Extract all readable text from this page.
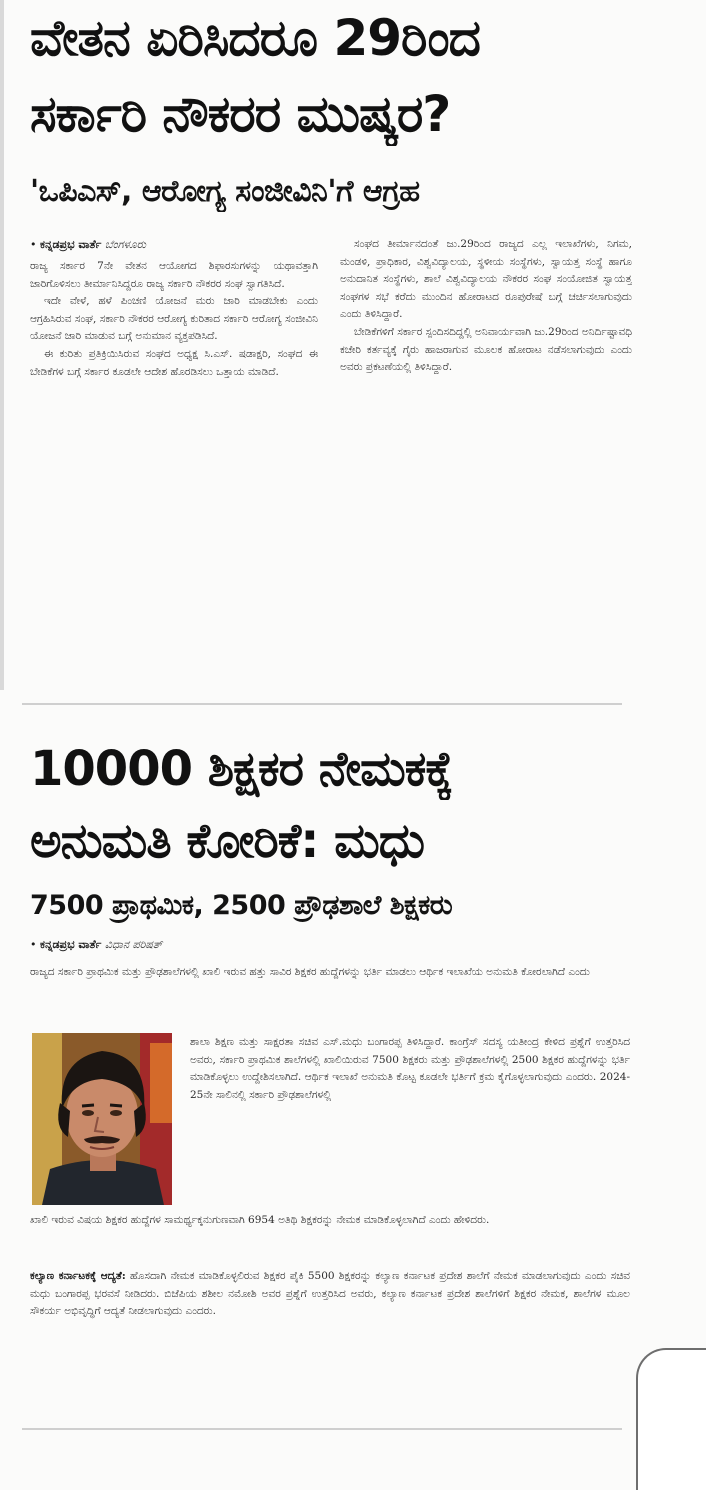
ವೇತನ ಏರಿಸಿದರೂ 29ರಿಂದ
ಸರ್ಕಾರಿ ನೌಕರರ ಮುಷ್ಕರ?
'ಒಪಿಎಸ್, ಆರೋಗ್ಯ ಸಂಜೀವಿನಿ'ಗೆ ಆಗ್ರಹ
• ಕನ್ನಡಪ್ರಭ ವಾರ್ತೆ ಬೆಂಗಳೂರು

ರಾಜ್ಯ ಸರ್ಕಾರ 7ನೇ ವೇತನ ಆಯೋಗದ ಶಿಫಾರಸುಗಳನ್ನು ಯಥಾವತ್ತಾಗಿ ಜಾರಿಗೊಳಿಸಲು ತೀರ್ಮಾನಿಸಿದ್ದರೂ ರಾಜ್ಯ ಸರ್ಕಾರಿ ನೌಕರರ ಸಂಘ ಸ್ವಾಗತಿಸಿದೆ.

ಇದೇ ವೇಳೆ, ಹಳೆ ಪಿಂಚಣಿ ಯೋಜನೆ ಮರು ಜಾರಿ ಮಾಡಬೇಕು ಎಂದು ಆಗ್ರಹಿಸಿರುವ ಸಂಘ, ಸರ್ಕಾರಿ ನೌಕರರ ಆರೋಗ್ಯ ಕುರಿತಾದ ಸರ್ಕಾರಿ ಆರೋಗ್ಯ ಸಂಜೀವಿನಿ ಯೋಜನೆ ಜಾರಿ ಮಾಡುವ ಬಗ್ಗೆ ಅನುಮಾನ ವ್ಯಕ್ತಪಡಿಸಿದೆ.

ಈ ಕುರಿತು ಪ್ರತಿಕ್ರಿಯಿಸಿರುವ ಸಂಘದ ಅಧ್ಯಕ್ಷ ಸಿ.ಎಸ್. ಷಡಾಕ್ಷರಿ, ಸಂಘದ ಈ ಬೇಡಿಕೆಗಳ ಬಗ್ಗೆ ಸರ್ಕಾರ ಕೂಡಲೇ ಆದೇಶ ಹೊರಡಿಸಲು ಒತ್ತಾಯ ಮಾಡಿದೆ.

ಸಂಘದ ತೀರ್ಮಾನದಂತೆ ಜು.29ರಿಂದ ರಾಜ್ಯದ ಎಲ್ಲ ಇಲಾಖೆಗಳು, ನಿಗಮ, ಮಂಡಳಿ, ಪ್ರಾಧಿಕಾರ, ವಿಶ್ವವಿದ್ಯಾಲಯ, ಸ್ಥಳೀಯ ಸಂಸ್ಥೆಗಳು, ಸ್ವಾಯತ್ತ ಸಂಸ್ಥೆ ಹಾಗೂ ಅನುದಾನಿತ ಸಂಸ್ಥೆಗಳು, ಶಾಲೆ ವಿಶ್ವವಿದ್ಯಾಲಯ ನೌಕರರ ಸಂಘ ಸಂಯೋಜಿತ ಸ್ವಾಯತ್ತ ಸಂಘಗಳ ಸಭೆ ಕರೆದು ಮುಂದಿನ ಹೋರಾಟದ ರೂಪುರೇಷೆ ಬಗ್ಗೆ ಚರ್ಚಿಸಲಾಗುವುದು ಎಂದು ತಿಳಿಸಿದ್ದಾರೆ.

ಬೇಡಿಕೆಗಳಿಗೆ ಸರ್ಕಾರ ಸ್ಪಂದಿಸದಿದ್ದಲ್ಲಿ ಅನಿವಾರ್ಯವಾಗಿ ಜು.29ರಿಂದ ಅನಿರ್ದಿಷ್ಟಾವಧಿ ಕಚೇರಿ ಕರ್ತವ್ಯಕ್ಕೆ ಗೈರು ಹಾಜರಾಗುವ ಮೂಲಕ ಹೋರಾಟ ನಡೆಸಲಾಗುವುದು ಎಂದು ಅವರು ಪ್ರಕಟಣೆಯಲ್ಲಿ ತಿಳಿಸಿದ್ದಾರೆ.

10000 ಶಿಕ್ಷಕರ ನೇಮಕಕ್ಕೆ
ಅನುಮತಿ ಕೋರಿಕೆ: ಮಧು
7500 ಪ್ರಾಥಮಿಕ, 2500 ಪ್ರೌಢಶಾಲೆ ಶಿಕ್ಷಕರು
• ಕನ್ನಡಪ್ರಭ ವಾರ್ತೆ ವಿಧಾನ ಪರಿಷತ್
ರಾಜ್ಯದ ಸರ್ಕಾರಿ ಪ್ರಾಥಮಿಕ ಮತ್ತು ಪ್ರೌಢಶಾಲೆಗಳಲ್ಲಿ ಖಾಲಿ ಇರುವ ಹತ್ತು ಸಾವಿರ ಶಿಕ್ಷಕರ ಹುದ್ದೆಗಳನ್ನು ಭರ್ತಿ ಮಾಡಲು ಆರ್ಥಿಕ ಇಲಾಖೆಯ ಅನುಮತಿ ಕೋರಲಾಗಿದೆ ಎಂದು
ಶಾಲಾ ಶಿಕ್ಷಣ ಮತ್ತು ಸಾಕ್ಷರತಾ ಸಚಿವ ಎಸ್.ಮಧು ಬಂಗಾರಪ್ಪ ತಿಳಿಸಿದ್ದಾರೆ. ಕಾಂಗ್ರೆಸ್ ಸದಸ್ಯ ಯತೀಂದ್ರ ಕೇಳಿದ ಪ್ರಶ್ನೆಗೆ ಉತ್ತರಿಸಿದ ಅವರು, ಸರ್ಕಾರಿ ಪ್ರಾಥಮಿಕ ಶಾಲೆಗಳಲ್ಲಿ ಖಾಲಿಯಿರುವ 7500 ಶಿಕ್ಷಕರು ಮತ್ತು ಪ್ರೌಢಶಾಲೆಗಳಲ್ಲಿ 2500 ಶಿಕ್ಷಕರ ಹುದ್ದೆಗಳನ್ನು ಭರ್ತಿ ಮಾಡಿಕೊಳ್ಳಲು ಉದ್ದೇಶಿಸಲಾಗಿದೆ. ಆರ್ಥಿಕ ಇಲಾಖೆ ಅನುಮತಿ ಕೊಟ್ಟ ಕೂಡಲೇ ಭರ್ತಿಗೆ ಕ್ರಮ ಕೈಗೊಳ್ಳಲಾಗುವುದು ಎಂದರು. 2024-25ನೇ ಸಾಲಿನಲ್ಲಿ ಸರ್ಕಾರಿ ಪ್ರೌಢಶಾಲೆಗಳಲ್ಲಿ
ಖಾಲಿ ಇರುವ ವಿಷಯ ಶಿಕ್ಷಕರ ಹುದ್ದೆಗಳ ಸಾಮರ್ಥ್ಯಕ್ಕನುಗುಣವಾಗಿ 6954 ಅತಿಥಿ ಶಿಕ್ಷಕರನ್ನು ನೇಮಕ ಮಾಡಿಕೊಳ್ಳಲಾಗಿದೆ ಎಂದು ಹೇಳಿದರು.
ಕಲ್ಯಾಣ ಕರ್ನಾಟಕಕ್ಕೆ ಆದ್ಯತೆ: ಹೊಸದಾಗಿ ನೇಮಕ ಮಾಡಿಕೊಳ್ಳಲಿರುವ ಶಿಕ್ಷಕರ ಪೈಕಿ 5500 ಶಿಕ್ಷಕರನ್ನು ಕಲ್ಯಾಣ ಕರ್ನಾಟಕ ಪ್ರದೇಶ ಶಾಲೆಗೆ ನೇಮಕ ಮಾಡಲಾಗುವುದು ಎಂದು ಸಚಿವ ಮಧು ಬಂಗಾರಪ್ಪ ಭರವಸೆ ನೀಡಿದರು. ಬಿಜೆಪಿಯ ಶಶೀಲ ನಮೋಶಿ ಅವರ ಪ್ರಶ್ನೆಗೆ ಉತ್ತರಿಸಿದ ಅವರು, ಕಲ್ಯಾಣ ಕರ್ನಾಟಕ ಪ್ರದೇಶ ಶಾಲೆಗಳಿಗೆ ಶಿಕ್ಷಕರ ನೇಮಕ, ಶಾಲೆಗಳ ಮೂಲ ಸೌಕರ್ಯ ಅಭಿವೃದ್ಧಿಗೆ ಆದ್ಯತೆ ನೀಡಲಾಗುವುದು ಎಂದರು.
